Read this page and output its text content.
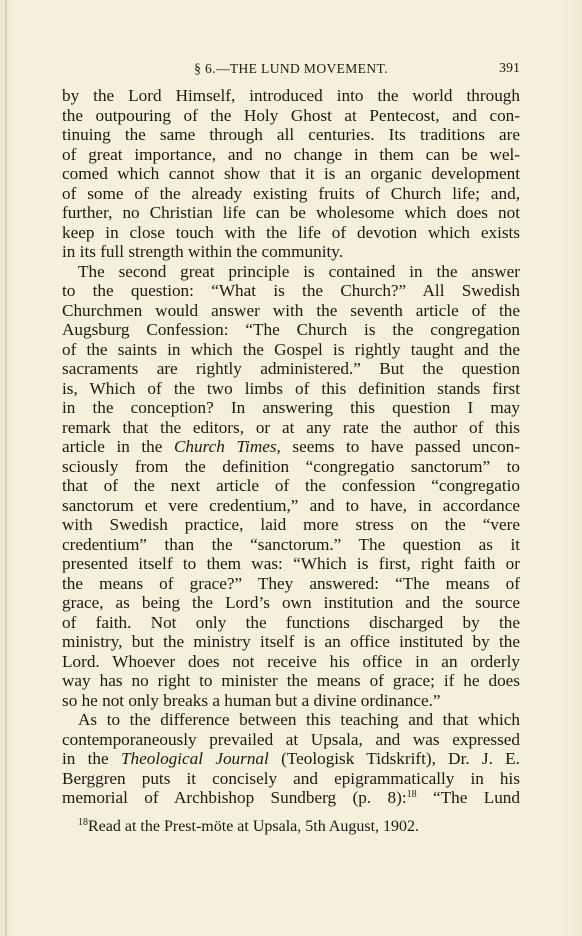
§ 6.—THE LUND MOVEMENT.	391
by the Lord Himself, introduced into the world through
the outpouring of the Holy Ghost at Pentecost, and con-
tinuing the same through all centuries. Its traditions are
of great importance, and no change in them can be wel-
comed which cannot show that it is an organic development
of some of the already existing fruits of Church life; and,
further, no Christian life can be wholesome which does not
keep in close touch with the life of devotion which exists
in its full strength within the community.
The second great principle is contained in the answer
to the question: “What is the Church?” All Swedish
Churchmen would answer with the seventh article of the
Augsburg Confession: “The Church is the congregation
of the saints in which the Gospel is rightly taught and the
sacraments are rightly administered.” But the question
is, Which of the two limbs of this definition stands first
in the conception? In answering this question I may
remark that the editors, or at any rate the author of this
article in the Church Times, seems to have passed uncon-
sciously from the definition “congregatio sanctorum” to
that of the next article of the confession “congregatio
sanctorum et vere credentium,” and to have, in accordance
with Swedish practice, laid more stress on the “vere
credentium” than the “sanctorum.” The question as it
presented itself to them was: “Which is first, right faith or
the means of grace?” They answered: “The means of
grace, as being the Lord’s own institution and the source
of faith. Not only the functions discharged by the
ministry, but the ministry itself is an office instituted by the
Lord. Whoever does not receive his office in an orderly
way has no right to minister the means of grace; if he does
so he not only breaks a human but a divine ordinance.”
As to the difference between this teaching and that which
contemporaneously prevailed at Upsala, and was expressed
in the Theological Journal (Teologisk Tidskrift), Dr. J. E.
Berggren puts it concisely and epigrammatically in his
memorial of Archbishop Sundberg (p. 8):$^{18}$ “The Lund
$^{18}$Read at the Prest-möte at Upsala, 5th August, 1902.
